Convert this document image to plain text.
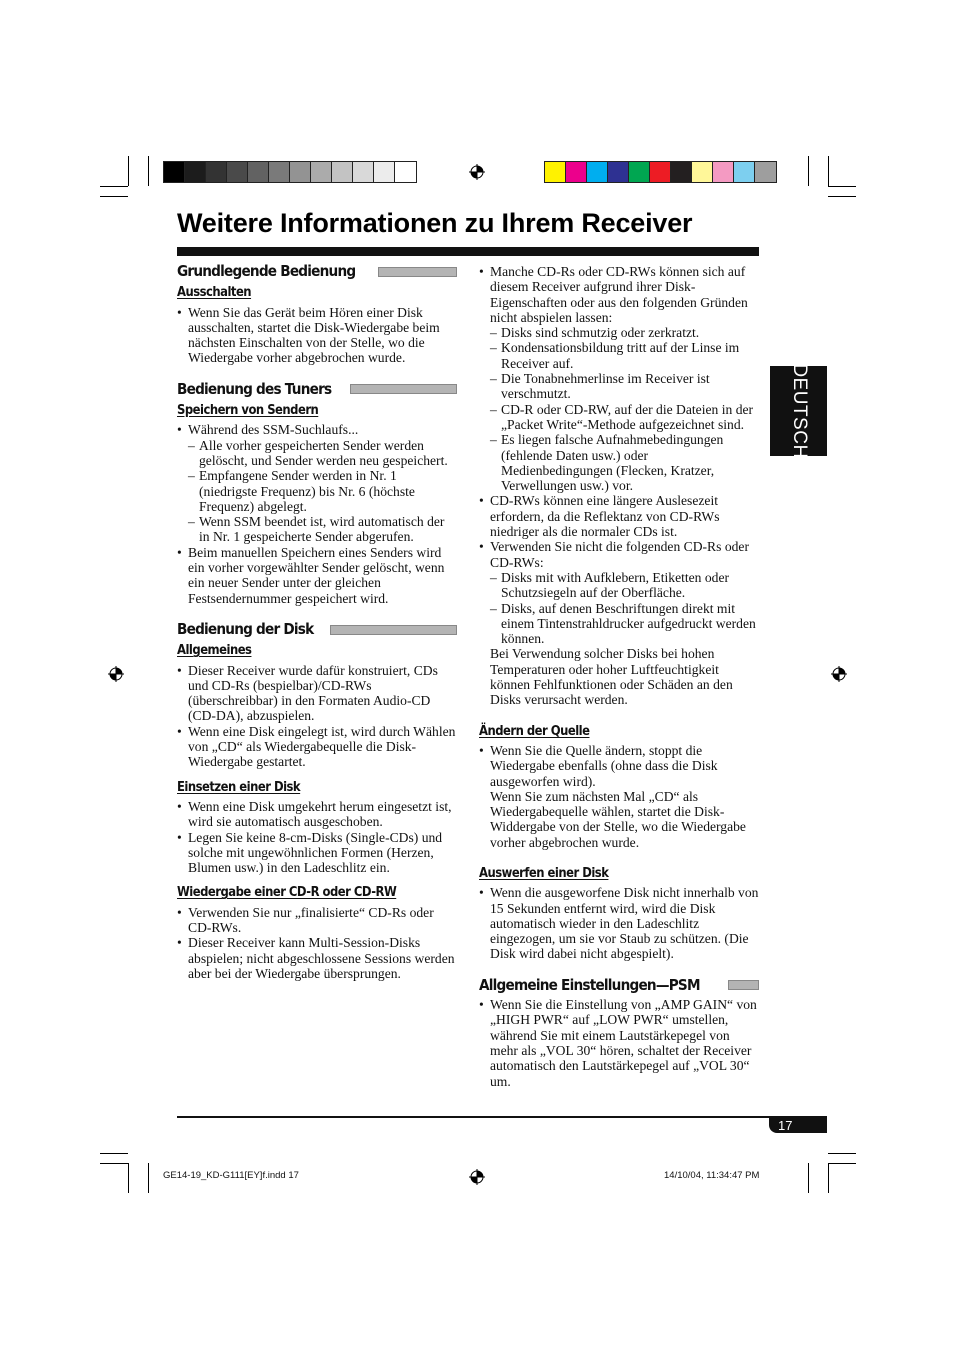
Weitere Informationen zu Ihrem Receiver
DEUTSCH
Grundlegende Bedienung
Ausschalten
• Wenn Sie das Gerät beim Hören einer Disk ausschalten, startet die Disk-Wiedergabe beim nächsten Einschalten von der Stelle, wo die Wiedergabe vorher abgebrochen wurde.
Bedienung des Tuners
Speichern von Sendern
• Während des SSM-Suchlaufs...
– Alle vorher gespeicherten Sender werden gelöscht, und Sender werden neu gespeichert.
– Empfangene Sender werden in Nr. 1 (niedrigste Frequenz) bis Nr. 6 (höchste Frequenz) abgelegt.
– Wenn SSM beendet ist, wird automatisch der in Nr. 1 gespeicherte Sender abgerufen.
• Beim manuellen Speichern eines Senders wird ein vorher vorgewählter Sender gelöscht, wenn ein neuer Sender unter der gleichen Festsendernummer gespeichert wird.
Bedienung der Disk
Allgemeines
• Dieser Receiver wurde dafür konstruiert, CDs und CD-Rs (bespielbar)/CD-RWs (überschreibbar) in den Formaten Audio-CD (CD-DA), abzuspielen.
• Wenn eine Disk eingelegt ist, wird durch Wählen von „CD“ als Wiedergabequelle die Disk-Wiedergabe gestartet.
Einsetzen einer Disk
• Wenn eine Disk umgekehrt herum eingesetzt ist, wird sie automatisch ausgeschoben.
• Legen Sie keine 8-cm-Disks (Single-CDs) und solche mit ungewöhnlichen Formen (Herzen, Blumen usw.) in den Ladeschlitz ein.
Wiedergabe einer CD-R oder CD-RW
• Verwenden Sie nur „finalisierte“ CD-Rs oder CD-RWs.
• Dieser Receiver kann Multi-Session-Disks abspielen; nicht abgeschlossene Sessions werden aber bei der Wiedergabe übersprungen.
• Manche CD-Rs oder CD-RWs können sich auf diesem Receiver aufgrund ihrer Disk-Eigenschaften oder aus den folgenden Gründen nicht abspielen lassen:
– Disks sind schmutzig oder zerkratzt.
– Kondensationsbildung tritt auf der Linse im Receiver auf.
– Die Tonabnehmerlinse im Receiver ist verschmutzt.
– CD-R oder CD-RW, auf der die Dateien in der „Packet Write“-Methode aufgezeichnet sind.
– Es liegen falsche Aufnahmebedingungen (fehlende Daten usw.) oder Medienbedingungen (Flecken, Kratzer, Verwellungen usw.) vor.
• CD-RWs können eine längere Auslesezeit erfordern, da die Reflektanz von CD-RWs niedriger als die normaler CDs ist.
• Verwenden Sie nicht die folgenden CD-Rs oder CD-RWs:
– Disks mit with Aufklebern, Etiketten oder Schutzsiegeln auf der Oberfläche.
– Disks, auf denen Beschriftungen direkt mit einem Tintenstrahldrucker aufgedruckt werden können.
Bei Verwendung solcher Disks bei hohen Temperaturen oder hoher Luftfeuchtigkeit können Fehlfunktionen oder Schäden an den Disks verursacht werden.
Ändern der Quelle
• Wenn Sie die Quelle ändern, stoppt die Wiedergabe ebenfalls (ohne dass die Disk ausgeworfen wird).
Wenn Sie zum nächsten Mal „CD“ als Wiedergabequelle wählen, startet die Disk-Widdergabe von der Stelle, wo die Wiedergabe vorher abgebrochen wurde.
Auswerfen einer Disk
• Wenn die ausgeworfene Disk nicht innerhalb von 15 Sekunden entfernt wird, wird die Disk automatisch wieder in den Ladeschlitz eingezogen, um sie vor Staub zu schützen. (Die Disk wird dabei nicht abgespielt).
Allgemeine Einstellungen—PSM
• Wenn Sie die Einstellung von „AMP GAIN“ von „HIGH PWR“ auf „LOW PWR“ umstellen, während Sie mit einem Lautstärkepegel von mehr als „VOL 30“ hören, schaltet der Receiver automatisch den Lautstärkepegel auf „VOL 30“ um.
17
GE14-19_KD-G111[EY]f.indd 17	14/10/04, 11:34:47 PM
